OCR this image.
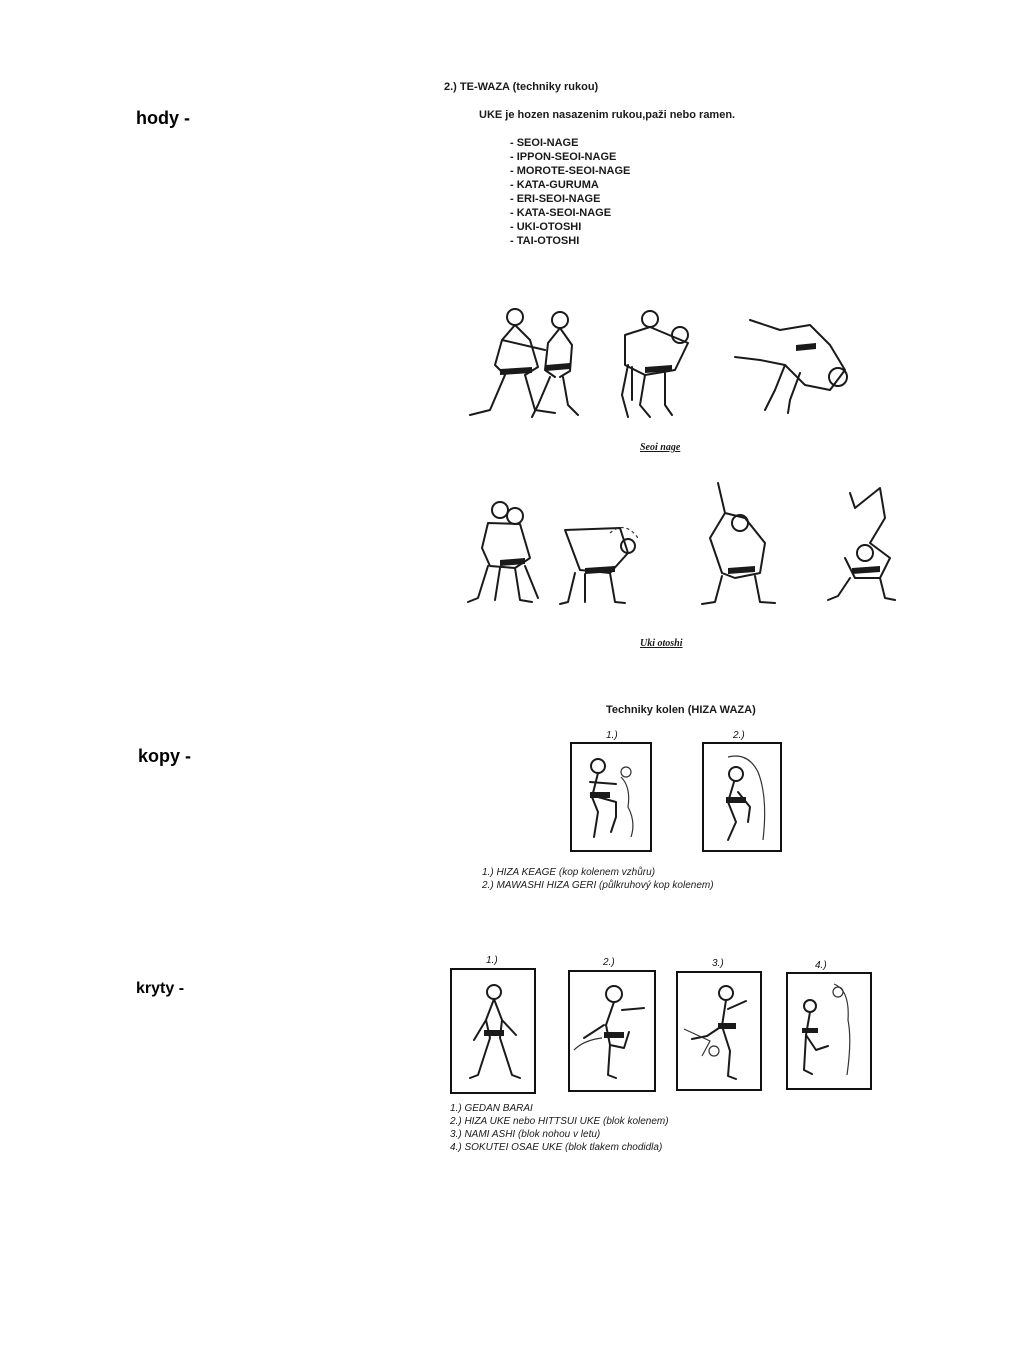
hody -
kopy -
kryty -
2.) TE-WAZA (techniky rukou)
UKE je hozen nasazenim rukou,paži nebo ramen.
- SEOI-NAGE
- IPPON-SEOI-NAGE
- MOROTE-SEOI-NAGE
- KATA-GURUMA
- ERI-SEOI-NAGE
- KATA-SEOI-NAGE
- UKI-OTOSHI
- TAI-OTOSHI
Seoi nage
Uki otoshi
Techniky kolen (HIZA WAZA)
1.)	2.)
1.) HIZA KEAGE (kop kolenem vzhůru)
2.) MAWASHI HIZA GERI (půlkruhový kop kolenem)
1.)	2.)	3.)	4.)
1.) GEDAN BARAI
2.) HIZA UKE nebo HITTSUI UKE (blok kolenem)
3.) NAMI ASHI (blok nohou v letu)
4.) SOKUTEI OSAE UKE (blok tlakem chodidla)
